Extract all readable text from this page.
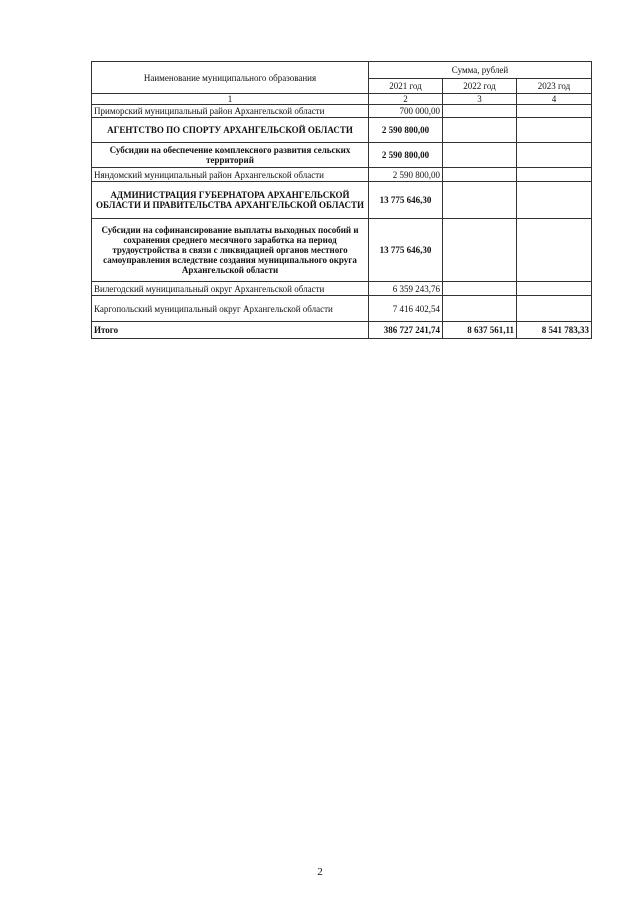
Наименование муниципального образования	Сумма, рублей		
	2021 год	2022 год	2023 год
1	2	3	4
Приморский муниципальный район Архангельской области	700 000,00		
АГЕНТСТВО ПО СПОРТУ АРХАНГЕЛЬСКОЙ ОБЛАСТИ	2 590 800,00		
Субсидии на обеспечение комплексного развития сельских территорий	2 590 800,00		
Няндомский муниципальный район Архангельской области	2 590 800,00		
АДМИНИСТРАЦИЯ ГУБЕРНАТОРА АРХАНГЕЛЬСКОЙ ОБЛАСТИ И ПРАВИТЕЛЬСТВА АРХАНГЕЛЬСКОЙ ОБЛАСТИ	13 775 646,30		
Субсидии на софинансирование выплаты выходных пособий и сохранения среднего месячного заработка на период трудоустройства в связи с ликвидацией органов местного самоуправления вследствие создания муниципального округа Архангельской области	13 775 646,30		
Вилегодский муниципальный округ Архангельской области	6 359 243,76		
Каргопольский муниципальный округ Архангельской области	7 416 402,54		
Итого	386 727 241,74	8 637 561,11	8 541 783,33
2
